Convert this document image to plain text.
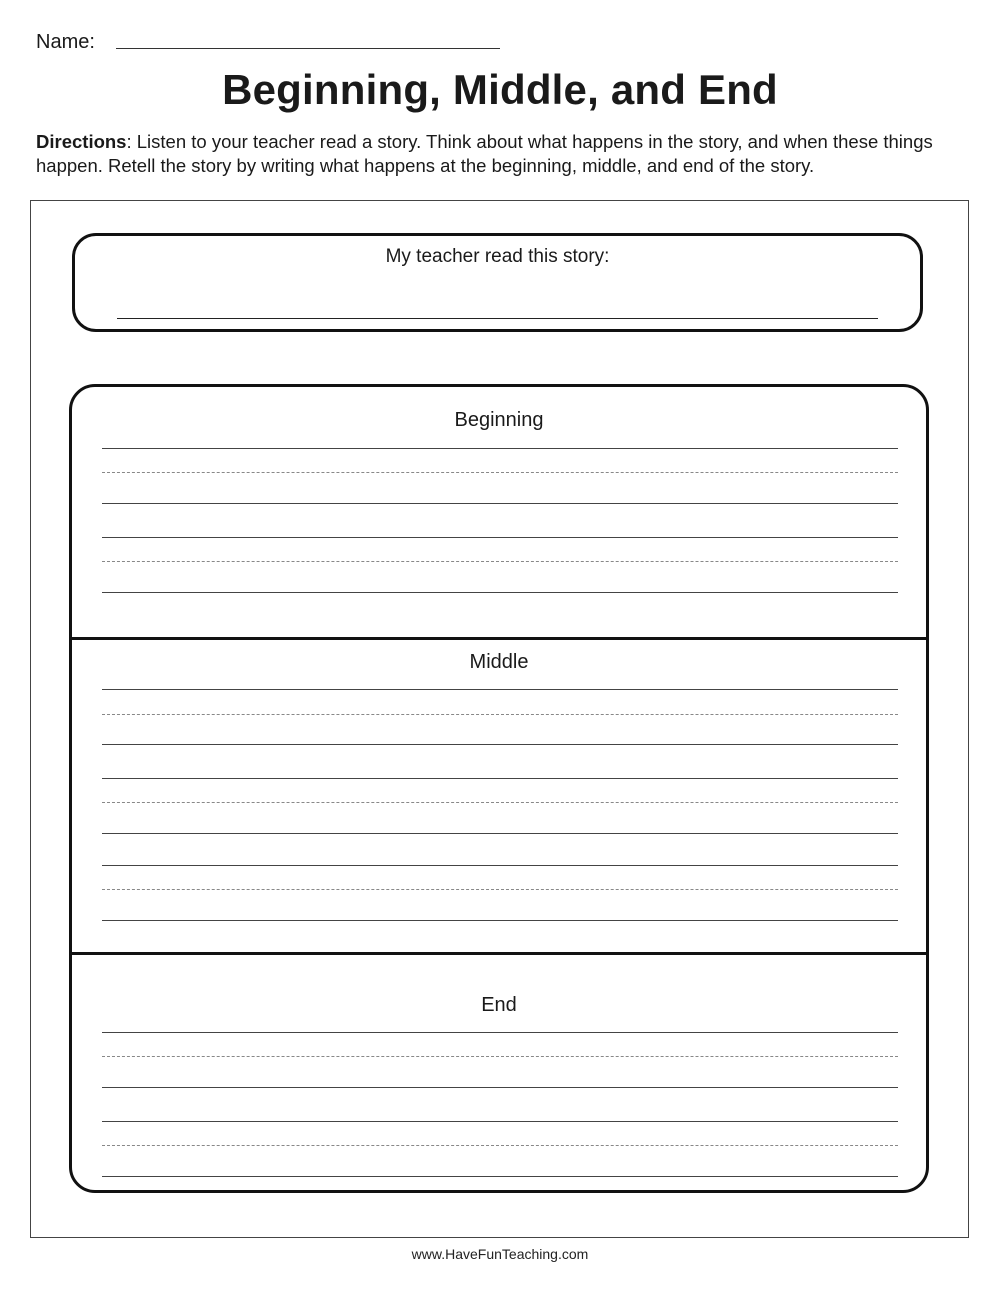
Name:
Beginning, Middle, and End
Directions: Listen to your teacher read a story. Think about what happens in the story, and when these things happen. Retell the story by writing what happens at the beginning, middle, and end of the story.
My teacher read this story:
Beginning
Middle
End
www.HaveFunTeaching.com
